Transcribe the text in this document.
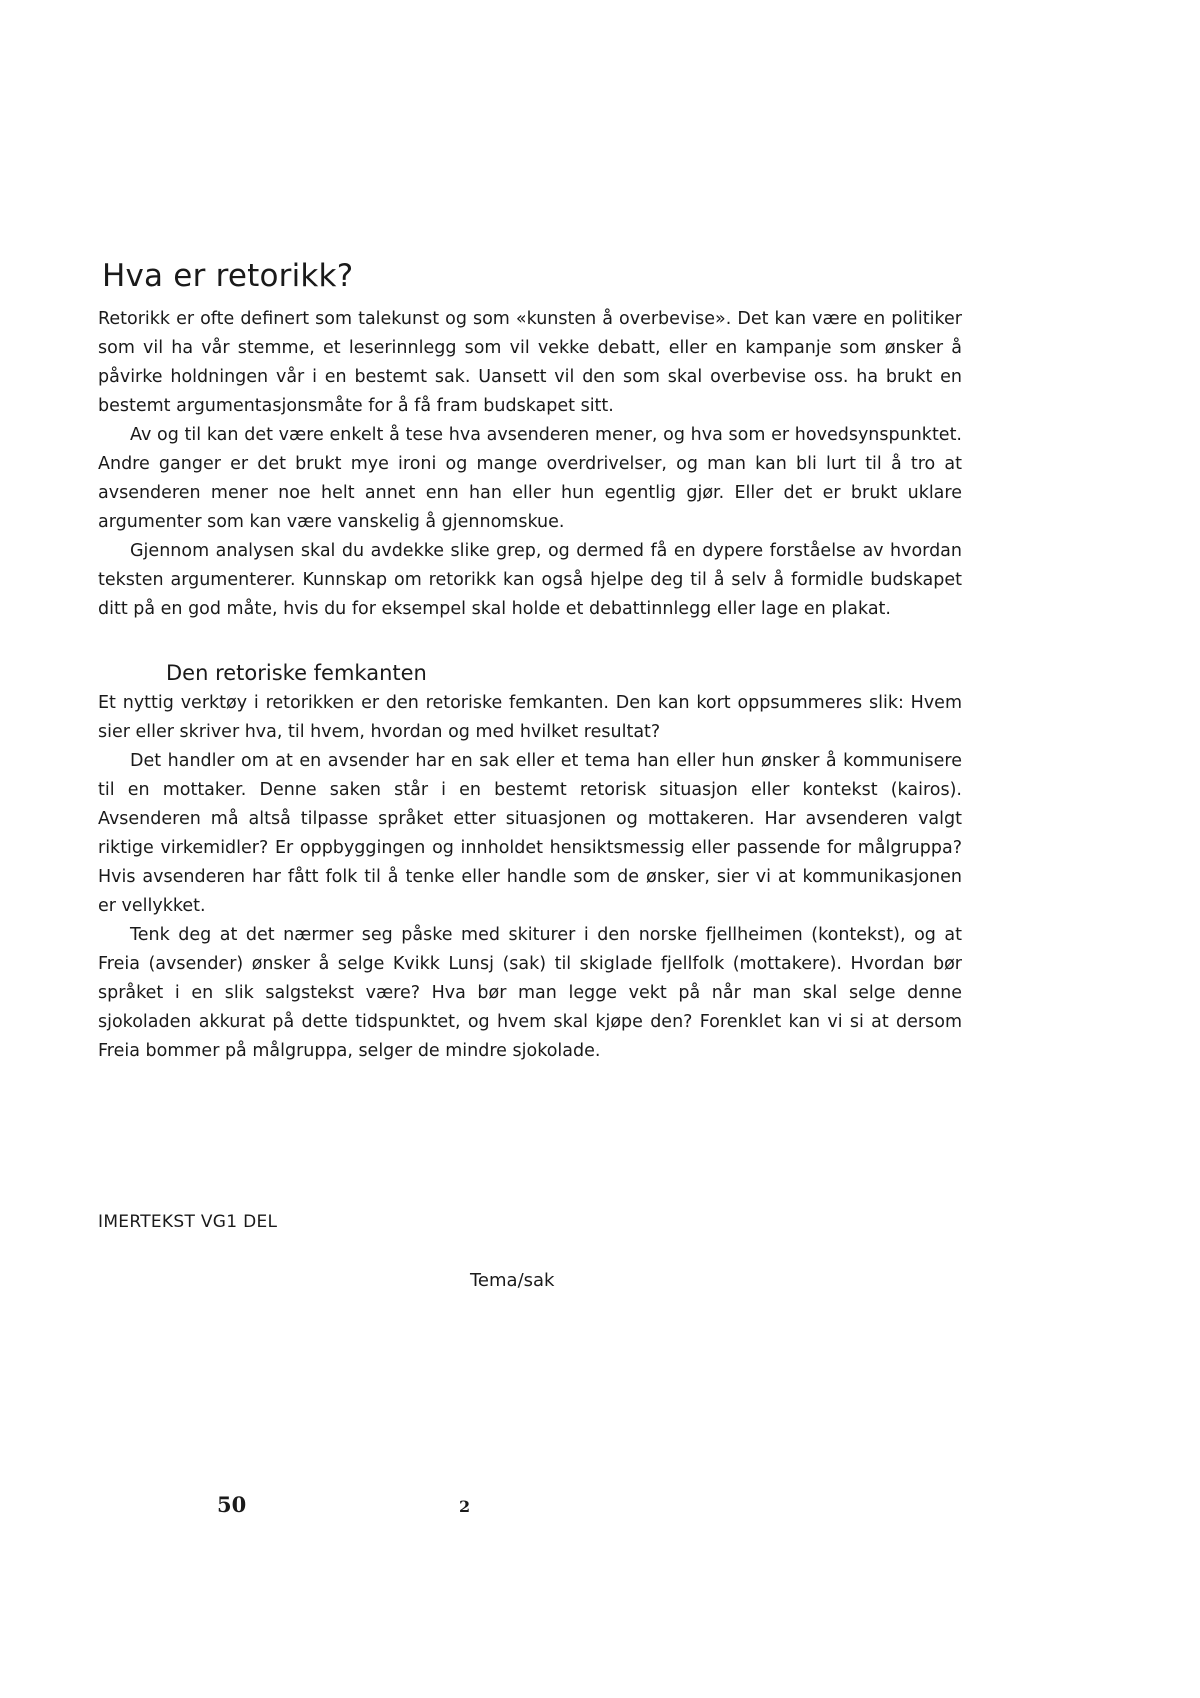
Hva er retorikk?

Retorikk er ofte definert som talekunst og som «kunsten å overbevise». Det kan være en politiker som vil ha vår stemme, et leserinnlegg som vil vekke debatt, eller en kampanje som ønsker å påvirke holdningen vår i en bestemt sak. Uansett vil den som skal overbevise oss. ha brukt en bestemt argumentasjonsmåte for å få fram budskapet sitt.

Av og til kan det være enkelt å tese hva avsenderen mener, og hva som er hovedsynspunktet. Andre ganger er det brukt mye ironi og mange overdrivelser, og man kan bli lurt til å tro at avsenderen mener noe helt annet enn han eller hun egentlig gjør. Eller det er brukt uklare argumenter som kan være vanskelig å gjennomskue.

Gjennom analysen skal du avdekke slike grep, og dermed få en dypere forståelse av hvordan teksten argumenterer. Kunnskap om retorikk kan også hjelpe deg til å selv å formidle budskapet ditt på en god måte, hvis du for eksempel skal holde et debattinnlegg eller lage en plakat.

Den retoriske femkanten

Et nyttig verktøy i retorikken er den retoriske femkanten. Den kan kort oppsummeres slik: Hvem sier eller skriver hva, til hvem, hvordan og med hvilket resultat?

Det handler om at en avsender har en sak eller et tema han eller hun ønsker å kommunisere til en mottaker. Denne saken står i en bestemt retorisk situasjon eller kontekst (kairos). Avsenderen må altså tilpasse språket etter situasjonen og mottakeren. Har avsenderen valgt riktige virkemidler? Er oppbyggingen og innholdet hensiktsmessig eller passende for målgruppa? Hvis avsenderen har fått folk til å tenke eller handle som de ønsker, sier vi at kommunikasjonen er vellykket.

Tenk deg at det nærmer seg påske med skiturer i den norske fjellheimen (kontekst), og at Freia (avsender) ønsker å selge Kvikk Lunsj (sak) til skiglade fjellfolk (mottakere). Hvordan bør språket i en slik salgstekst være? Hva bør man legge vekt på når man skal selge denne sjokoladen akkurat på dette tidspunktet, og hvem skal kjøpe den? Forenklet kan vi si at dersom Freia bommer på målgruppa, selger de mindre sjokolade.

IMERTEKST VG1 DEL
Tema/sak
50	2
